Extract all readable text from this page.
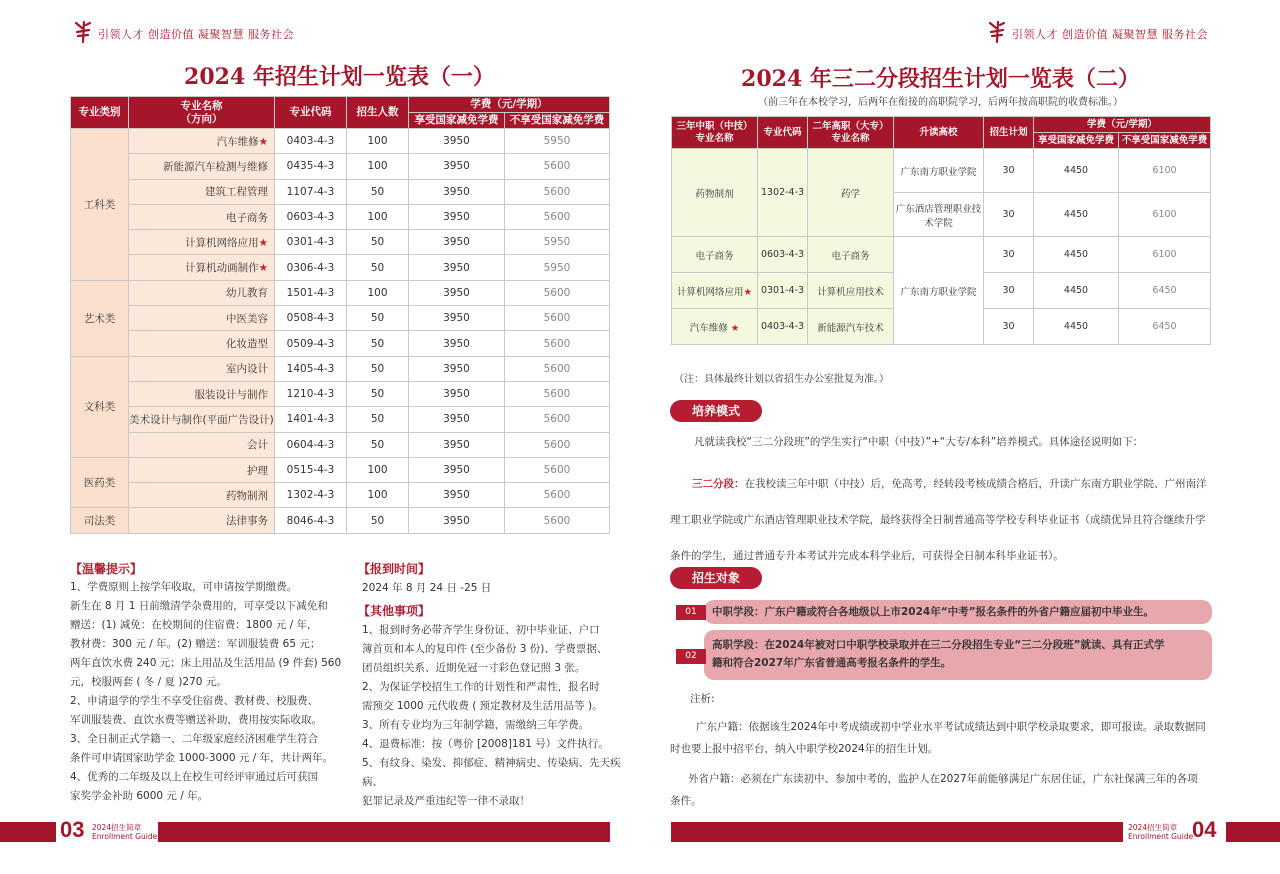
引领人才 创造价值 凝聚智慧 服务社会
2024 年招生计划一览表（一）
专业类别	专业名称
（方向）	专业代码	招生人数	学费（元/学期）	
				享受国家减免学费	不享受国家减免学费
工科类	汽车维修★	0403-4-3	100	3950	5950
	新能源汽车检测与维修	0435-4-3	100	3950	5600
	建筑工程管理	1107-4-3	50	3950	5600
	电子商务	0603-4-3	100	3950	5600
	计算机网络应用★	0301-4-3	50	3950	5950
	计算机动画制作★	0306-4-3	50	3950	5950
艺术类	幼儿教育	1501-4-3	100	3950	5600
	中医美容	0508-4-3	50	3950	5600
	化妆造型	0509-4-3	50	3950	5600
文科类	室内设计	1405-4-3	50	3950	5600
	服装设计与制作	1210-4-3	50	3950	5600
	美术设计与制作(平面广告设计)	1401-4-3	50	3950	5600
	会计	0604-4-3	50	3950	5600
医药类	护理	0515-4-3	100	3950	5600
	药物制剂	1302-4-3	100	3950	5600
司法类	法律事务	8046-4-3	50	3950	5600
【温馨提示】
1、学费原则上按学年收取，可申请按学期缴费。
新生在 8 月 1 日前缴清学杂费用的，可享受以下减免和
赠送：(1) 减免：在校期间的住宿费：1800 元 / 年，
教材费：300 元 / 年。(2) 赠送：军训服装费 65 元；
两年直饮水费 240 元；床上用品及生活用品 (9 件套) 560
元，校服两套 ( 冬 / 夏 )270 元。
2、申请退学的学生不享受住宿费、教材费、校服费、
军训服装费、直饮水费等赠送补助，费用按实际收取。
3、全日制正式学籍一、二年级家庭经济困难学生符合
条件可申请国家助学金 1000-3000 元 / 年，共计两年。
4、优秀的二年级及以上在校生可经评审通过后可获国
家奖学金补助 6000 元 / 年。
【报到时间】
2024 年 8 月 24 日 -25 日
【其他事项】
1、报到时务必带齐学生身份证、初中毕业证、户口
簿首页和本人的复印件 (至少备份 3 份)、学费票据、
团员组织关系、近期免冠一寸彩色登记照 3 张。
2、为保证学校招生工作的计划性和严肃性，报名时
需预交 1000 元代收费 ( 预定教材及生活用品等 )。
3、所有专业均为三年制学籍，需缴纳三年学费。
4、退费标准：按（粤价 [2008]181 号）文件执行。
5、有纹身、染发、抑郁症、精神病史、传染病、先天疾病、
犯罪记录及严重违纪等一律不录取！
03 2024招生简章
Enrollment Guide
引领人才 创造价值 凝聚智慧 服务社会
2024 年三二分段招生计划一览表（二）
（前三年在本校学习，后两年在衔接的高职院学习，后两年按高职院的收费标准。）
三年中职（中技）专业名称	专业代码	二年高职（大专）专业名称	升读高校	招生计划	学费（元/学期）	
					享受国家减免学费	不享受国家减免学费
药物制剂	1302-4-3	药学	广东南方职业学院	30	4450	6100
			广东酒店管理职业技术学院	30	4450	6100
电子商务	0603-4-3	电子商务	广东南方职业学院	30	4450	6100
计算机网络应用★	0301-4-3	计算机应用技术		30	4450	6450
汽车维修 ★	0403-4-3	新能源汽车技术		30	4450	6450
（注：具体最终计划以省招生办公室批复为准。）
培养模式
凡就读我校“三二分段班”的学生实行“中职（中技）”+“大专/本科”培养模式。具体途径说明如下：
三二分段：在我校读三年中职（中技）后，免高考，经转段考核成绩合格后，升读广东南方职业学院、广州南洋
理工职业学院或广东酒店管理职业技术学院，最终获得全日制普通高等学校专科毕业证书（成绩优异且符合继续升学
条件的学生，通过普通专升本考试并完成本科学业后，可获得全日制本科毕业证书）。
招生对象
中职学段：广东户籍或符合各地级以上市2024年“中考”报名条件的外省户籍应届初中毕业生。
01
高职学段：在2024年被对口中职学校录取并在三二分段招生专业“三二分段班”就读、具有正式学
籍和符合2027年广东省普通高考报名条件的学生。
02
注析:
广东户籍：依据该生2024年中考成绩或初中学业水平考试成绩达到中职学校录取要求，即可报读。录取数据同
时也要上报中招平台，纳入中职学校2024年的招生计划。
外省户籍：必须在广东读初中、参加中考的，监护人在2027年前能够满足广东居住证，广东社保满三年的各项
条件。
2024招生简章
Enrollment Guide
04
